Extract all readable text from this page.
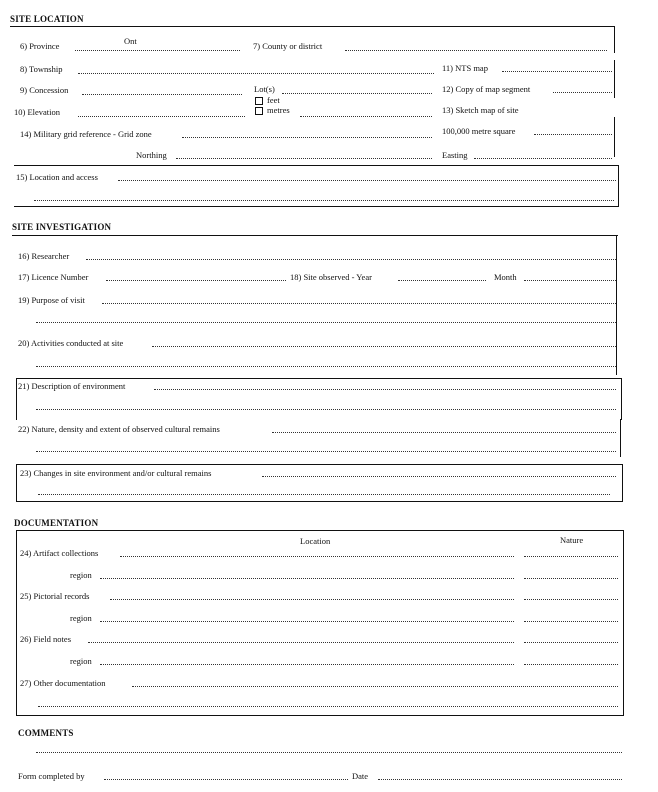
SITE LOCATION
6) Province	Ont	7) County or district
8) Township	11) NTS map
9) Concession	Lot(s)	12) Copy of map segment
feet
metres
10) Elevation	13) Sketch map of site
14) Military grid reference - Grid zone	100,000 metre square
Northing	Easting
15) Location and access
SITE INVESTIGATION
16) Researcher
17) Licence Number	18) Site observed - Year	Month
19) Purpose of visit
20) Activities conducted at site
21) Description of environment
22) Nature, density and extent of observed cultural remains
23) Changes in site environment and/or cultural remains
DOCUMENTATION
Location	Nature
24) Artifact collections
region
25) Pictorial records
region
26) Field notes
region
27) Other documentation
COMMENTS
Form completed by	Date
